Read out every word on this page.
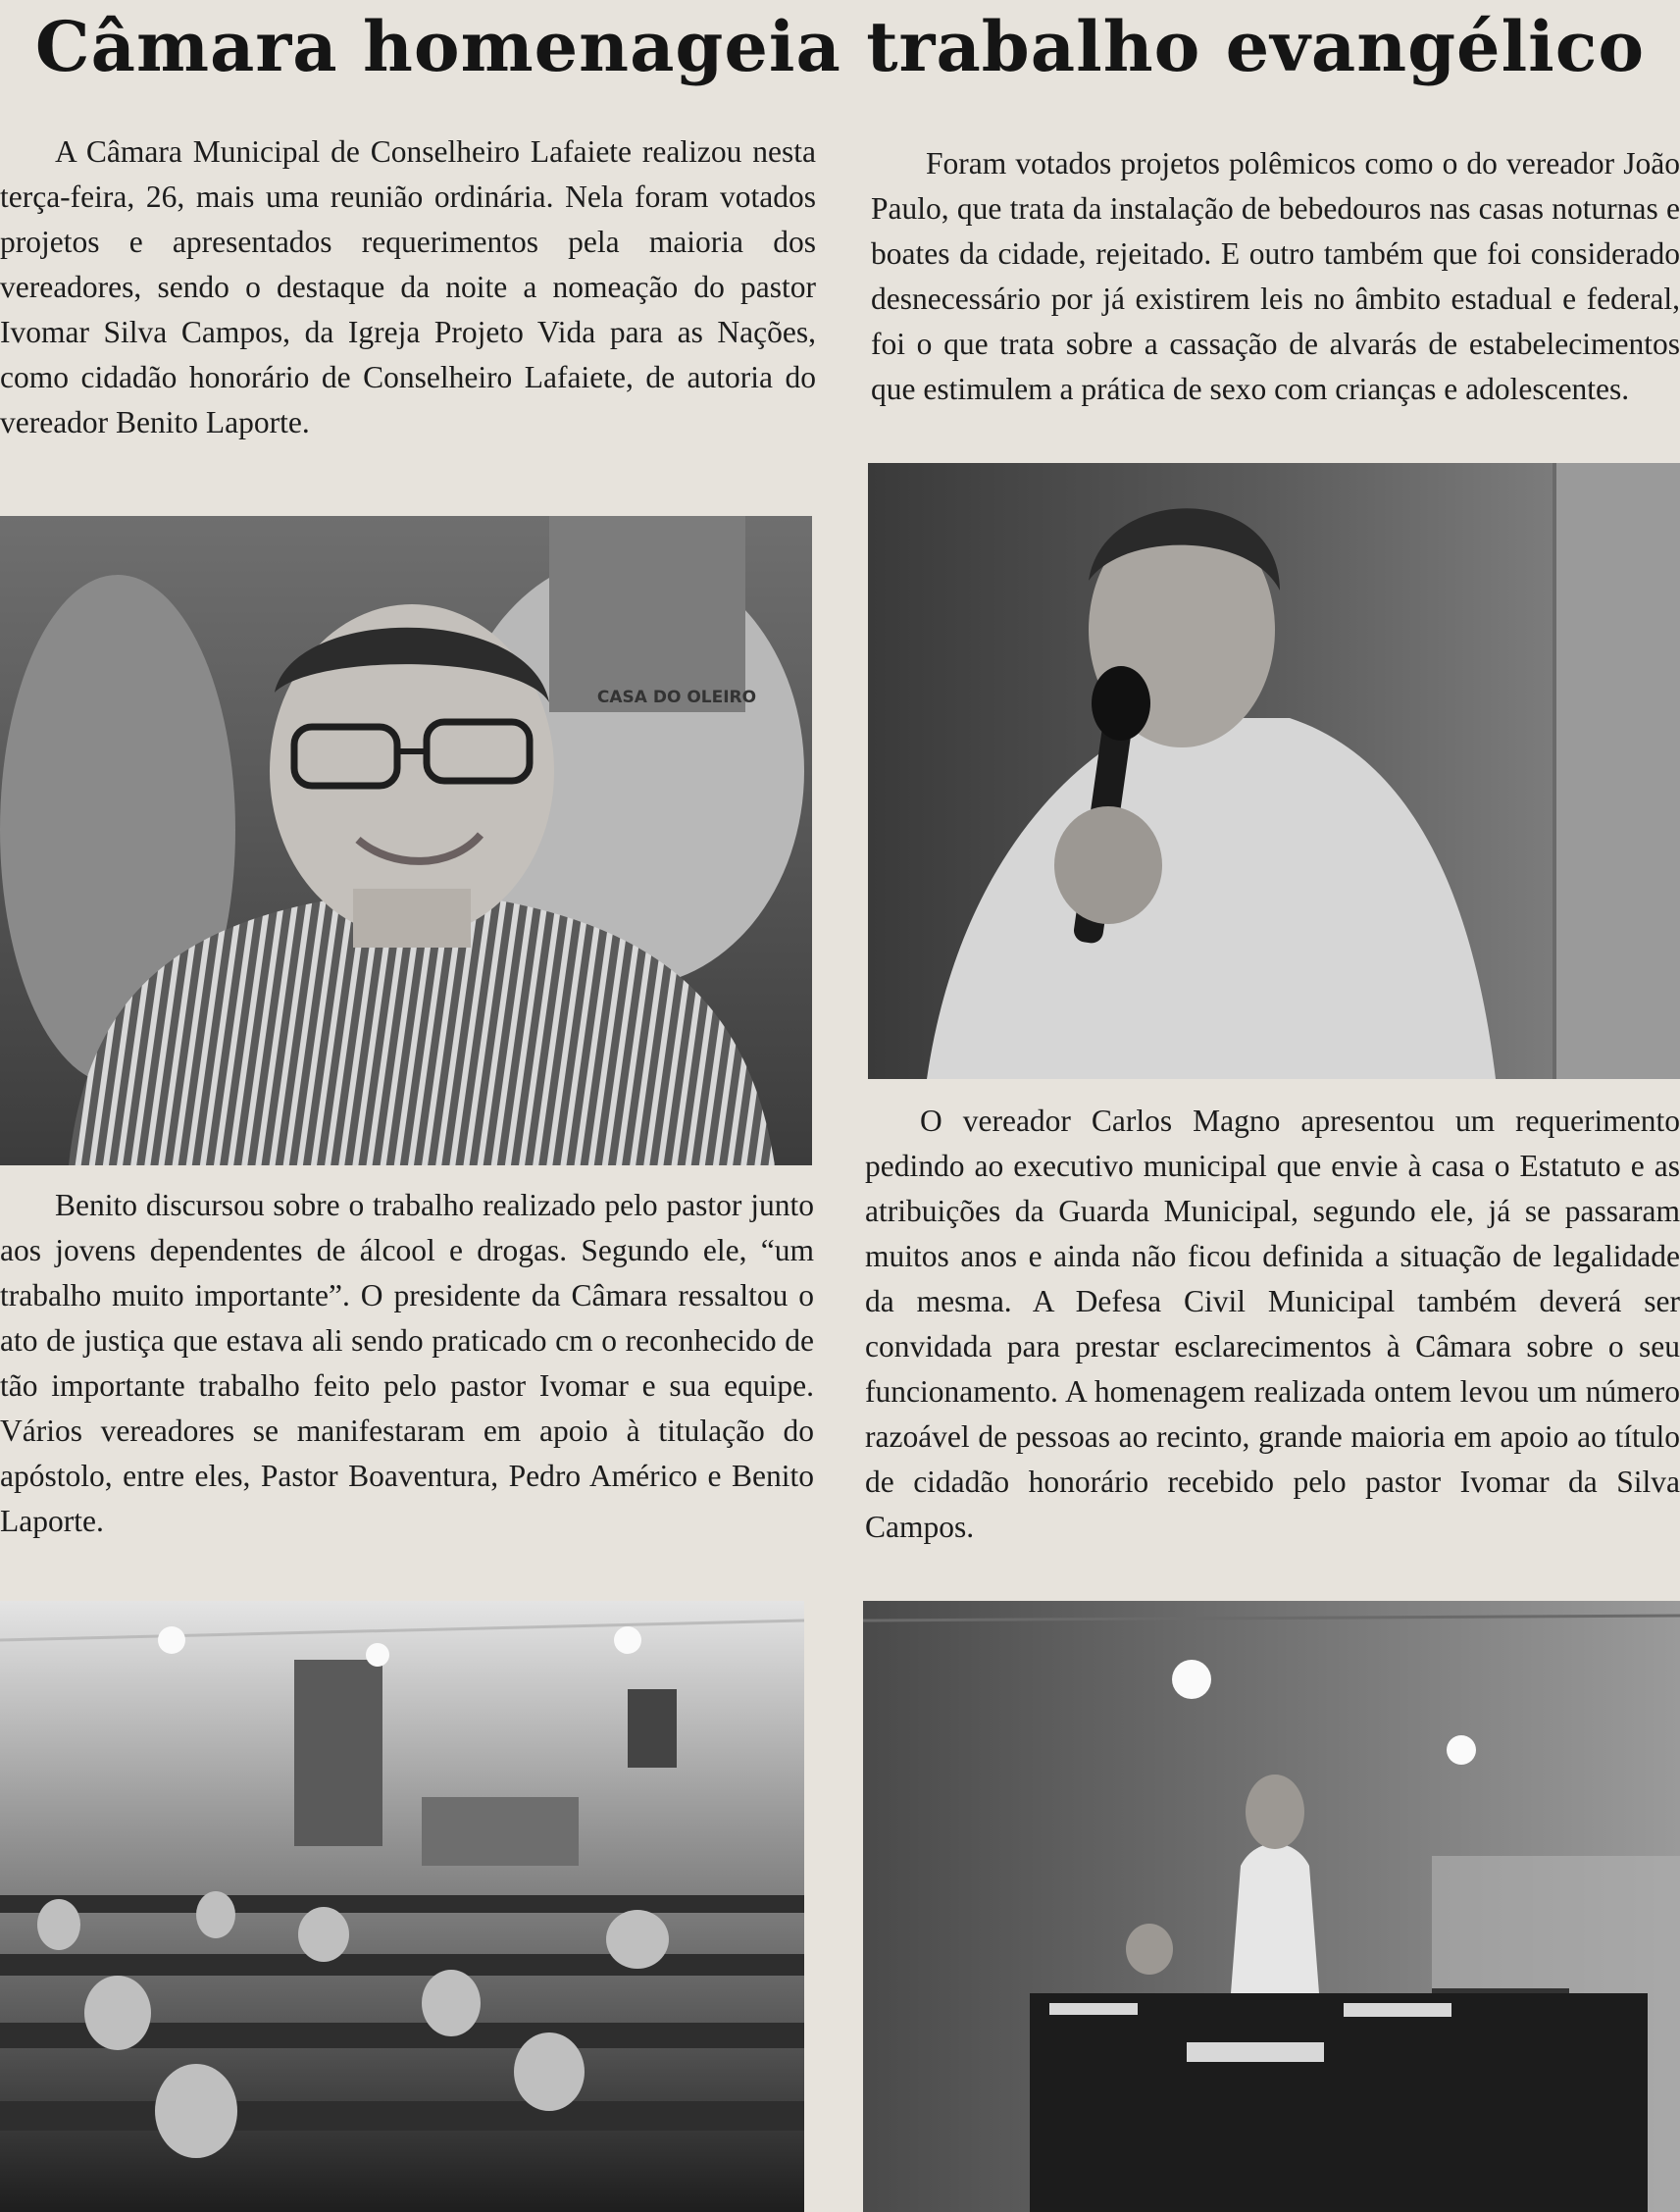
Câmara homenageia trabalho evangélico

A Câmara Municipal de Conselheiro Lafaiete realizou nesta terça-feira, 26, mais uma reunião ordinária. Nela foram votados projetos e apresentados requerimentos pela maioria dos vereadores, sendo o destaque da noite a nomeação do pastor Ivomar Silva Campos, da Igreja Projeto Vida para as Nações, como cidadão honorário de Conselheiro Lafaiete, de autoria do vereador Benito Laporte.

Foram votados projetos polêmicos como o do vereador João Paulo, que trata da instalação de bebedouros nas casas noturnas e boates da cidade, rejeitado. E outro também que foi considerado desnecessário por já existirem leis no âmbito estadual e federal, foi o que trata sobre a cassação de alvarás de estabelecimentos que estimulem a prática de sexo com crianças e adolescentes.

CASA DO OLEIRO

Benito discursou sobre o trabalho realizado pelo pastor junto aos jovens dependentes de álcool e drogas. Segundo ele, “um trabalho muito importante”. O presidente da Câmara ressaltou o ato de justiça que estava ali sendo praticado cm o reconhecido de tão importante trabalho feito pelo pastor Ivomar e sua equipe. Vários vereadores se manifestaram em apoio à titulação do apóstolo, entre eles, Pastor Boaventura, Pedro Américo e Benito Laporte.

O vereador Carlos Magno apresentou um requerimento pedindo ao executivo municipal que envie à casa o Estatuto e as atribuições da Guarda Municipal, segundo ele, já se passaram muitos anos e ainda não ficou definida a situação de legalidade da mesma. A Defesa Civil Municipal também deverá ser convidada para prestar esclarecimentos à Câmara sobre o seu funcionamento. A homenagem realizada ontem levou um número razoável de pessoas ao recinto, grande maioria em apoio ao título de cidadão honorário recebido pelo pastor Ivomar da Silva Campos.
